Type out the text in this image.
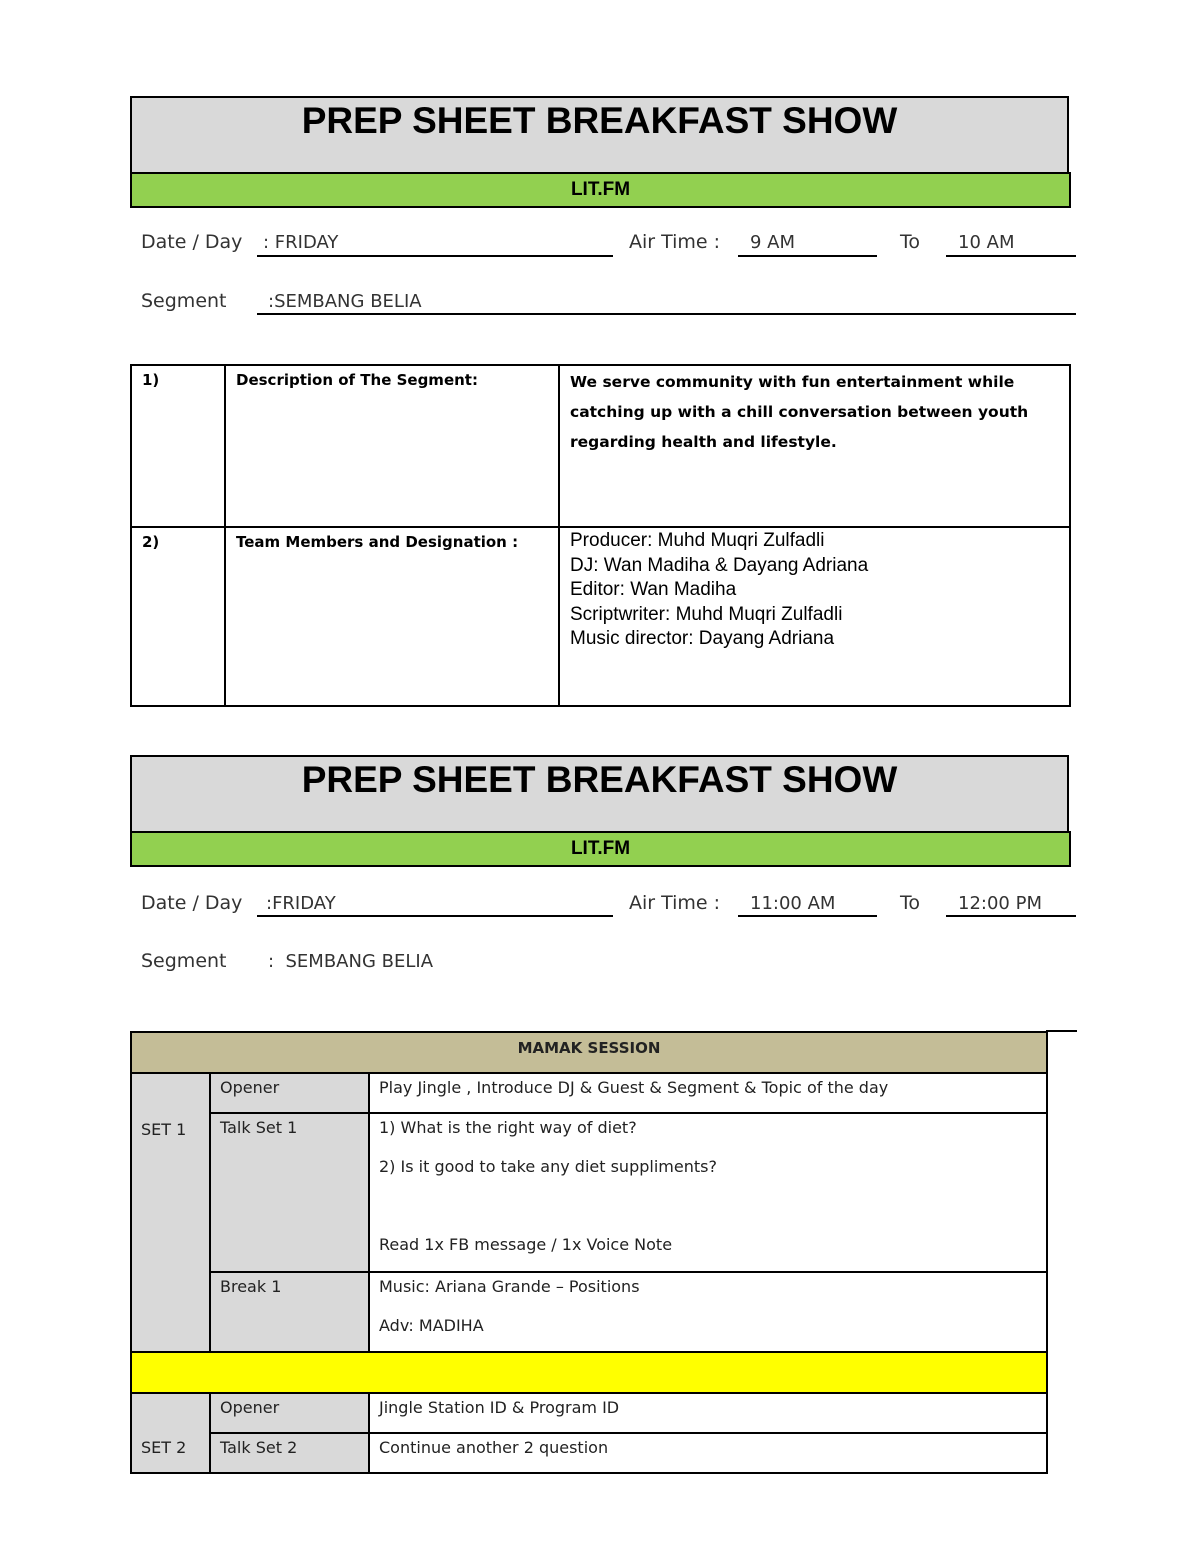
PREP SHEET BREAKFAST SHOW
LIT.FM
Date / Day : FRIDAY	Air Time : 9 AM	To 10 AM
Segment :SEMBANG BELIA
1)	Description of The Segment:	We serve community with fun entertainment while catching up with a chill conversation between youth regarding health and lifestyle.
2)	Team Members and Designation :	Producer: Muhd Muqri Zulfadli
DJ: Wan Madiha & Dayang Adriana
Editor: Wan Madiha
Scriptwriter: Muhd Muqri Zulfadli
Music director: Dayang Adriana
PREP SHEET BREAKFAST SHOW
LIT.FM
Date / Day :FRIDAY	Air Time : 11:00 AM	To 12:00 PM
Segment :  SEMBANG BELIA
MAMAK SESSION		
SET 1	Opener	Play Jingle , Introduce DJ & Guest & Segment & Topic of the day
	Talk Set 1	1) What is the right way of diet?

2) Is it good to take any diet suppliments?

Read 1x FB message / 1x Voice Note

	Break 1	Music: Ariana Grande – Positions

Adv: MADIHA

SET 2	Opener	Jingle Station ID & Program ID
	Talk Set 2	Continue another 2 question
